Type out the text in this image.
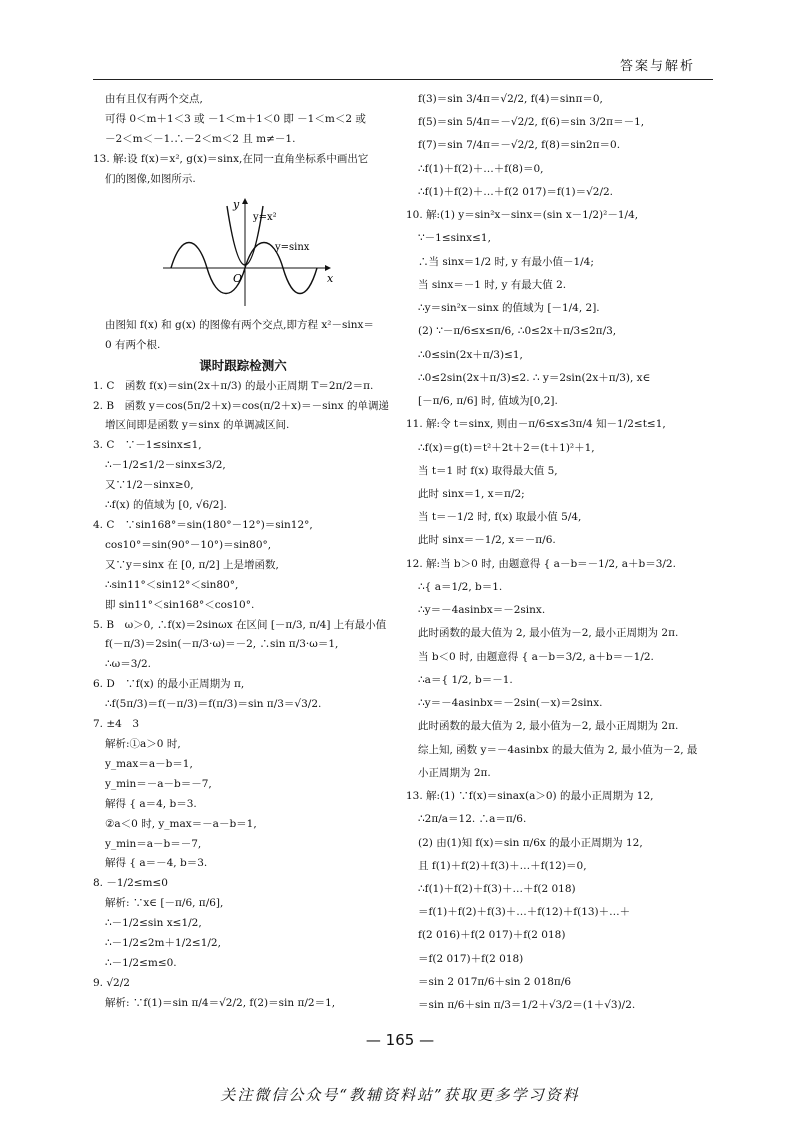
答案与解析
由有且仅有两个交点,
可得 0＜m＋1＜3 或 －1＜m＋1＜0 即 －1＜m＜2 或
－2＜m＜－1.∴－2＜m＜2 且 m≠－1.
13. 解:设 f(x)＝x², g(x)＝sinx,在同一直角坐标系中画出它
们的图像,如图所示.
y
x
O
y=x²
y=sinx
由图知 f(x) 和 g(x) 的图像有两个交点,即方程 x²－sinx＝
0 有两个根.
课时跟踪检测六
1. C　函数 f(x)＝sin(2x＋π/3) 的最小正周期 T＝2π/2＝π.
2. B　函数 y＝cos(5π/2＋x)＝cos(π/2＋x)＝－sinx 的单调递
增区间即是函数 y＝sinx 的单调减区间.
3. C　∵－1≤sinx≤1,
∴－1/2≤1/2－sinx≤3/2,
又∵1/2－sinx≥0,
∴f(x) 的值域为 [0, √6/2].
4. C　∵sin168°＝sin(180°－12°)＝sin12°,
cos10°＝sin(90°－10°)＝sin80°,
又∵y＝sinx 在 [0, π/2] 上是增函数,
∴sin11°＜sin12°＜sin80°,
即 sin11°＜sin168°＜cos10°.
5. B　ω＞0, ∴f(x)＝2sinωx 在区间 [－π/3, π/4] 上有最小值
f(－π/3)＝2sin(－π/3·ω)＝－2, ∴sin π/3·ω＝1,
∴ω＝3/2.
6. D　∵f(x) 的最小正周期为 π,
∴f(5π/3)＝f(－π/3)＝f(π/3)＝sin π/3＝√3/2.
7. ±4　3
解析:①a＞0 时,
y_max＝a－b＝1,
y_min＝－a－b＝－7,
解得 { a＝4, b＝3.
②a＜0 时, y_max＝－a－b＝1,
y_min＝a－b＝－7,
解得 { a＝－4, b＝3.
8. －1/2≤m≤0
解析: ∵x∈ [－π/6, π/6],
∴－1/2≤sin x≤1/2,
∴－1/2≤2m＋1/2≤1/2,
∴－1/2≤m≤0.
9. √2/2
解析: ∵f(1)＝sin π/4＝√2/2, f(2)＝sin π/2＝1,
f(3)＝sin 3/4π＝√2/2, f(4)＝sinπ＝0,
f(5)＝sin 5/4π＝－√2/2, f(6)＝sin 3/2π＝－1,
f(7)＝sin 7/4π＝－√2/2, f(8)＝sin2π＝0.
∴f(1)＋f(2)＋…＋f(8)＝0,
∴f(1)＋f(2)＋…＋f(2 017)＝f(1)＝√2/2.
10. 解:(1) y＝sin²x－sinx＝(sin x－1/2)²－1/4,
∵－1≤sinx≤1,
∴当 sinx＝1/2 时, y 有最小值－1/4;
当 sinx＝－1 时, y 有最大值 2.
∴y＝sin²x－sinx 的值域为 [－1/4, 2].
(2) ∵－π/6≤x≤π/6, ∴0≤2x＋π/3≤2π/3,
∴0≤sin(2x＋π/3)≤1,
∴0≤2sin(2x＋π/3)≤2. ∴ y＝2sin(2x＋π/3), x∈
[－π/6, π/6] 时, 值域为[0,2].
11. 解:令 t＝sinx, 则由－π/6≤x≤3π/4 知－1/2≤t≤1,
∴f(x)＝g(t)＝t²＋2t＋2＝(t＋1)²＋1,
当 t＝1 时 f(x) 取得最大值 5,
此时 sinx＝1, x＝π/2;
当 t＝－1/2 时, f(x) 取最小值 5/4,
此时 sinx＝－1/2, x＝－π/6.
12. 解:当 b＞0 时, 由题意得 { a－b＝－1/2, a＋b＝3/2.
∴{ a＝1/2, b＝1.
∴y＝－4asinbx＝－2sinx.
此时函数的最大值为 2, 最小值为－2, 最小正周期为 2π.
当 b＜0 时, 由题意得 { a－b＝3/2, a＋b＝－1/2.
∴a＝{ 1/2, b＝－1.
∴y＝－4asinbx＝－2sin(－x)＝2sinx.
此时函数的最大值为 2, 最小值为－2, 最小正周期为 2π.
综上知, 函数 y＝－4asinbx 的最大值为 2, 最小值为－2, 最
小正周期为 2π.
13. 解:(1) ∵f(x)＝sinax(a＞0) 的最小正周期为 12,
∴2π/a＝12. ∴a＝π/6.
(2) 由(1)知 f(x)＝sin π/6x 的最小正周期为 12,
且 f(1)＋f(2)＋f(3)＋…＋f(12)＝0,
∴f(1)＋f(2)＋f(3)＋…＋f(2 018)
＝f(1)＋f(2)＋f(3)＋…＋f(12)＋f(13)＋…＋
f(2 016)＋f(2 017)＋f(2 018)
＝f(2 017)＋f(2 018)
＝sin 2 017π/6＋sin 2 018π/6
＝sin π/6＋sin π/3＝1/2＋√3/2＝(1＋√3)/2.
— 165 —
关注微信公众号“教辅资料站”获取更多学习资料
